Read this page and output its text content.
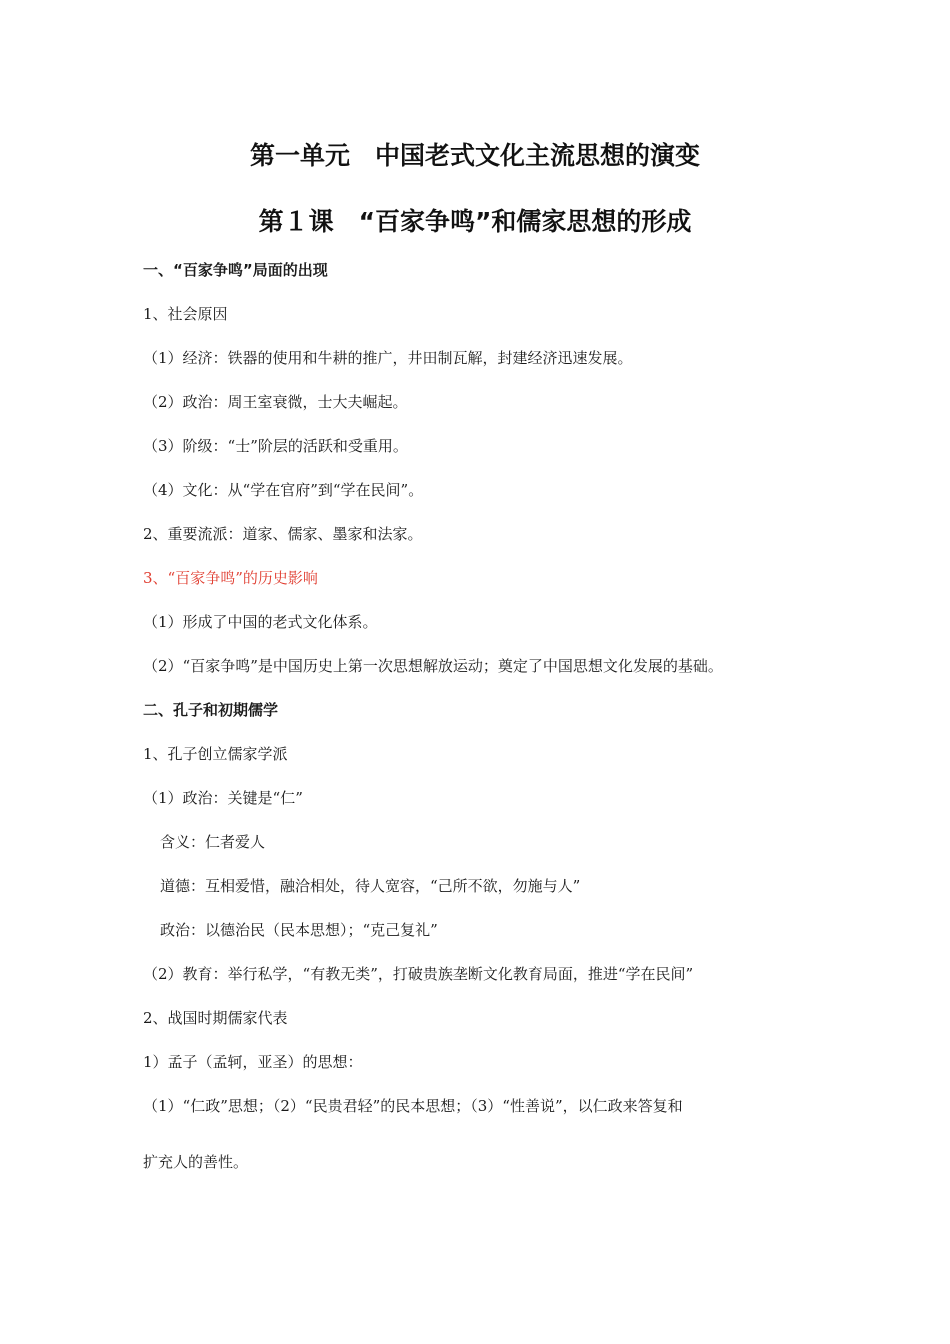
第一单元　中国老式文化主流思想的演变
第１课　“百家争鸣”和儒家思想的形成
一、“百家争鸣”局面的出现
1、社会原因
（1）经济：铁器的使用和牛耕的推广，井田制瓦解，封建经济迅速发展。
（2）政治：周王室衰微，士大夫崛起。
（3）阶级：“士”阶层的活跃和受重用。
（4）文化：从“学在官府”到“学在民间”。
2、重要流派：道家、儒家、墨家和法家。
3、“百家争鸣”的历史影响
（1）形成了中国的老式文化体系。
（2）“百家争鸣”是中国历史上第一次思想解放运动；奠定了中国思想文化发展的基础。
二、孔子和初期儒学
1、孔子创立儒家学派
（1）政治：关键是“仁”
含义：仁者爱人
道德：互相爱惜，融洽相处，待人宽容，“己所不欲，勿施与人”
政治：以德治民（民本思想）；“克己复礼”
（2）教育：举行私学，“有教无类”，打破贵族垄断文化教育局面，推进“学在民间”
2、战国时期儒家代表
1）孟子（孟轲，亚圣）的思想：
（1）“仁政”思想；（2）“民贵君轻”的民本思想；（3）“性善说”，以仁政来答复和
扩充人的善性。
